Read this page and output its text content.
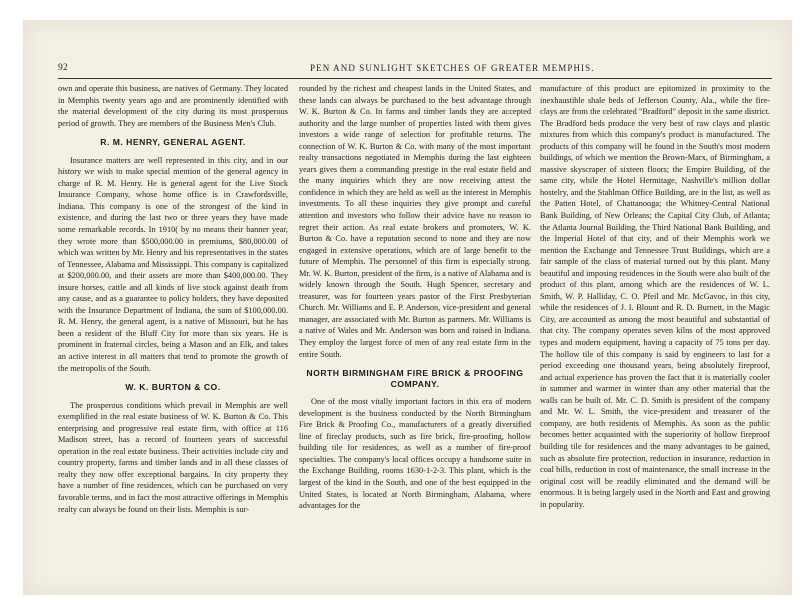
92	PEN AND SUNLIGHT SKETCHES OF GREATER MEMPHIS.

own and operate this business, are natives of Germany. They located in Memphis twenty years ago and are prominently identified with the material development of the city during its most prosperous period of growth. They are members of the Business Men's Club.

R. M. HENRY, GENERAL AGENT.

Insurance matters are well represented in this city, and in our history we wish to make special mention of the general agency in charge of R. M. Henry. He is general agent for the Live Stock Insurance Company, whose home office is in Crawfordsville, Indiana. This company is one of the strongest of the kind in existence, and during the last two or three years they have made some remarkable records. In 1910( by no means their banner year, they wrote more than $500,000.00 in premiums, $80,000.00 of which was written by Mr. Henry and his representatives in the states of Tennessee, Alabama and Mississippi. This company is capitalized at $200,000.00, and their assets are more than $400,000.00. They insure horses, cattle and all kinds of live stock against death from any cause, and as a guarantee to policy holders, they have deposited with the Insurance Department of Indiana, the sum of $100,000.00. R. M. Henry, the general agent, is a native of Missouri, but he has been a resident of the Bluff City for more than six years. He is prominent in fraternal circles, being a Mason and an Elk, and takes an active interest in all matters that tend to promote the growth of the metropolis of the South.

W. K. BURTON & CO.

The prosperous conditions which prevail in Memphis are well exemplified in the real estate business of W. K. Burton & Co. This enterprising and progressive real estate firm, with office at 116 Madison street, has a record of fourteen years of successful operation in the real estate business. Their activities include city and country property, farms and timber lands and in all these classes of realty they now offer exceptional bargains. In city property they have a number of fine residences, which can be purchased on very favorable terms, and in fact the most attractive offerings in Memphis realty can always be found on their lists. Memphis is sur-

rounded by the richest and cheapest lands in the United States, and these lands can always be purchased to the best advantage through W. K. Burton & Co. In farms and timber lands they are accepted authority and the large number of properties listed with them gives investors a wide range of selection for profitable returns. The connection of W. K. Burton & Co. with many of the most important realty transactions negotiated in Memphis during the last eighteen years gives them a commanding prestige in the real estate field and the many inquiries which they are now receiving attest the confidence in which they are held as well as the interest in Memphis investments. To all these inquiries they give prompt and careful attention and investors who follow their advice have no reason to regret their action. As real estate brokers and promoters, W. K. Burton & Co. have a reputation second to none and they are now engaged in extensive operations, which are of large benefit to the future of Memphis. The personnel of this firm is especially strong. Mr. W. K. Burton, president of the firm, is a native of Alabama and is widely known through the South. Hugh Spencer, secretary and treasurer, was for fourteen years pastor of the First Presbyterian Church. Mr. Williams and E. P. Anderson, vice-president and general manager, are associated with Mr. Burton as partners. Mr. Williams is a native of Wales and Mr. Anderson was born and raised in Indiana. They employ the largest force of men of any real estate firm in the entire South.

NORTH BIRMINGHAM FIRE BRICK & PROOFING COMPANY.

One of the most vitally important factors in this era of modern development is the business conducted by the North Birmingham Fire Brick & Proofing Co., manufacturers of a greatly diversified line of fireclay products, such as fire brick, fire-proofing, hollow building tile for residences, as well as a number of fire-proof specialties. The company's local offices occupy a handsome suite in the Exchange Building, rooms 1630-1-2-3. This plant, which is the largest of the kind in the South, and one of the best equipped in the United States, is located at North Birmingham, Alabama, where advantages for the

manufacture of this product are epitomized in proximity to the inexhaustible shale beds of Jefferson County, Ala., while the fire-clays are from the celebrated "Bradford" deposit in the same district. The Bradford beds produce the very best of raw clays and plastic mixtures from which this company's product is manufactured. The products of this company will be found in the South's most modern buildings, of which we mention the Brown-Marx, of Birmingham, a massive skyscraper of sixteen floors; the Empire Building, of the same city, while the Hotel Hermitage, Nashville's million dollar hostelry, and the Stahlman Office Building, are in the list, as well as the Patten Hotel, of Chattanooga; the Whitney-Central National Bank Building, of New Orleans; the Capital City Club, of Atlanta; the Atlanta Journal Building, the Third National Bank Building, and the Imperial Hotel of that city, and of their Memphis work we mention the Exchange and Tennessee Trust Buildings, which are a fair sample of the class of material turned out by this plant. Many beautiful and imposing residences in the South were also built of the product of this plant, among which are the residences of W. L. Smith, W. P. Halliday, C. O. Pfeil and Mr. McGavoc, in this city, while the residences of J. I. Blount and R. D. Burnett, in the Magic City, are accounted as among the most beautiful and substantial of that city. The company operates seven kilns of the most approved types and modern equipment, having a capacity of 75 tons per day. The hollow tile of this company is said by engineers to last for a period exceeding one thousand years, being absolutely fireproof, and actual experience has proven the fact that it is materially cooler in summer and warmer in winter than any other material that the walls can be built of. Mr. C. D. Smith is president of the company and Mr. W. L. Smith, the vice-president and treasurer of the company, are both residents of Memphis. As soon as the public becomes better acquainted with the superiority of hollow fireproof building tile for residences and the many advantages to be gained, such as absolute fire protection, reduction in insurance, reduction in coal bills, reduction in cost of maintenance, the small increase in the original cost will be readily eliminated and the demand will be enormous. It is being largely used in the North and East and growing in popularity.
